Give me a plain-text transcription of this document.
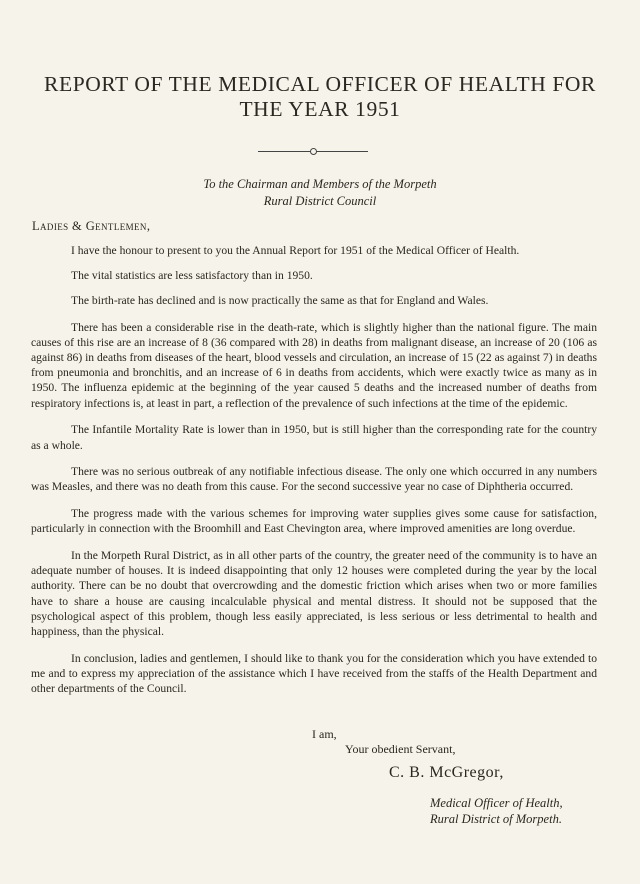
REPORT OF THE MEDICAL OFFICER OF HEALTH FOR
THE YEAR 1951
To the Chairman and Members of the Morpeth
Rural District Council
Ladies & Gentlemen,

I have the honour to present to you the Annual Report for 1951 of the Medical Officer of Health.

The vital statistics are less satisfactory than in 1950.

The birth-rate has declined and is now practically the same as that for England and Wales.

There has been a considerable rise in the death-rate, which is slightly higher than the national figure. The main causes of this rise are an increase of 8 (36 compared with 28) in deaths from malignant disease, an increase of 20 (106 as against 86) in deaths from diseases of the heart, blood vessels and circulation, an increase of 15 (22 as against 7) in deaths from pneumonia and bronchitis, and an increase of 6 in deaths from accidents, which were exactly twice as many as in 1950. The influenza epidemic at the beginning of the year caused 5 deaths and the increased number of deaths from respiratory infections is, at least in part, a reflection of the prevalence of such infections at the time of the epidemic.

The Infantile Mortality Rate is lower than in 1950, but is still higher than the corresponding rate for the country as a whole.

There was no serious outbreak of any notifiable infectious disease. The only one which occurred in any numbers was Measles, and there was no death from this cause. For the second successive year no case of Diphtheria occurred.

The progress made with the various schemes for improving water supplies gives some cause for satisfaction, particularly in connection with the Broomhill and East Chevington area, where improved amenities are long overdue.

In the Morpeth Rural District, as in all other parts of the country, the greater need of the community is to have an adequate number of houses. It is indeed disappointing that only 12 houses were completed during the year by the local authority. There can be no doubt that overcrowding and the domestic friction which arises when two or more families have to share a house are causing incalculable physical and mental distress. It should not be supposed that the psychological aspect of this problem, though less easily appreciated, is less serious or less detrimental to health and happiness, than the physical.

In conclusion, ladies and gentlemen, I should like to thank you for the consideration which you have extended to me and to express my appreciation of the assistance which I have received from the staffs of the Health Department and other departments of the Council.

I am,
Your obedient Servant,
C. B. McGregor,
Medical Officer of Health,
Rural District of Morpeth.
